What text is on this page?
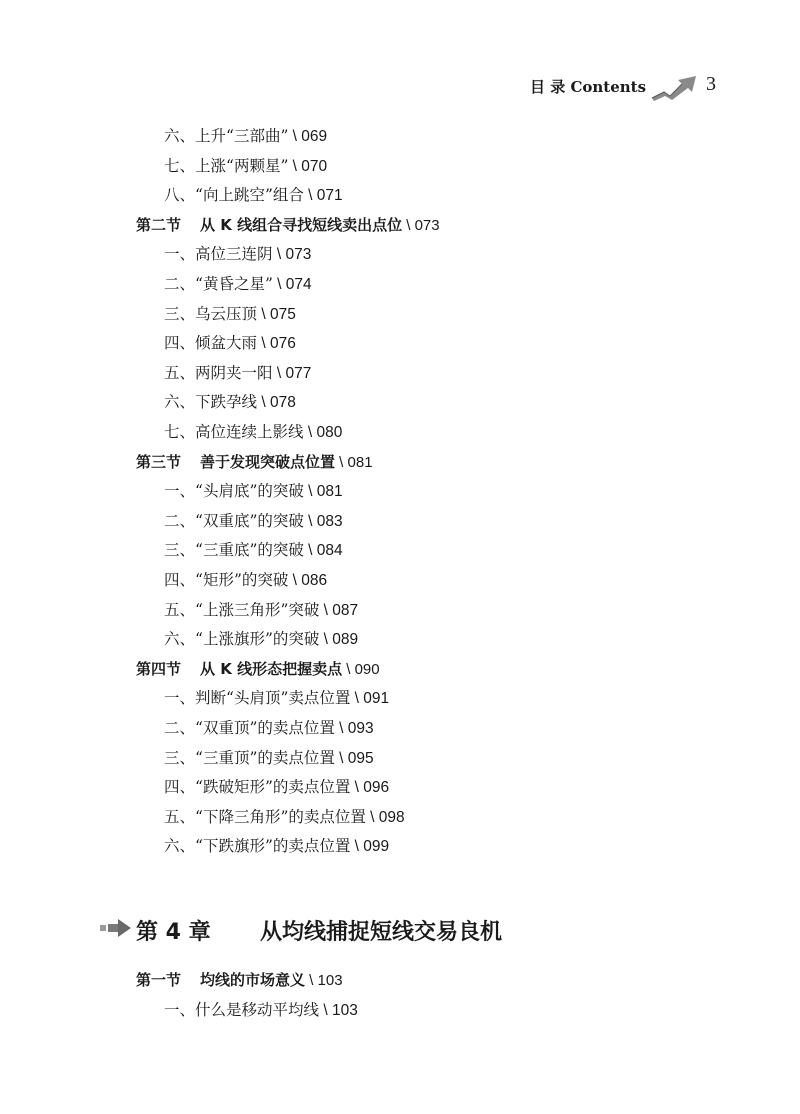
目 录 Contents	3
六、上升“三部曲” \ 069
七、上涨“两颗星” \ 070
八、“向上跳空”组合 \ 071
第二节 从 K 线组合寻找短线卖出点位 \ 073
一、高位三连阴 \ 073
二、“黄昏之星” \ 074
三、乌云压顶 \ 075
四、倾盆大雨 \ 076
五、两阴夹一阳 \ 077
六、下跌孕线 \ 078
七、高位连续上影线 \ 080
第三节 善于发现突破点位置 \ 081
一、“头肩底”的突破 \ 081
二、“双重底”的突破 \ 083
三、“三重底”的突破 \ 084
四、“矩形”的突破 \ 086
五、“上涨三角形”突破 \ 087
六、“上涨旗形”的突破 \ 089
第四节 从 K 线形态把握卖点 \ 090
一、判断“头肩顶”卖点位置 \ 091
二、“双重顶”的卖点位置 \ 093
三、“三重顶”的卖点位置 \ 095
四、“跌破矩形”的卖点位置 \ 096
五、“下降三角形”的卖点位置 \ 098
六、“下跌旗形”的卖点位置 \ 099
第 4 章 从均线捕捉短线交易良机
第一节 均线的市场意义 \ 103
一、什么是移动平均线 \ 103
